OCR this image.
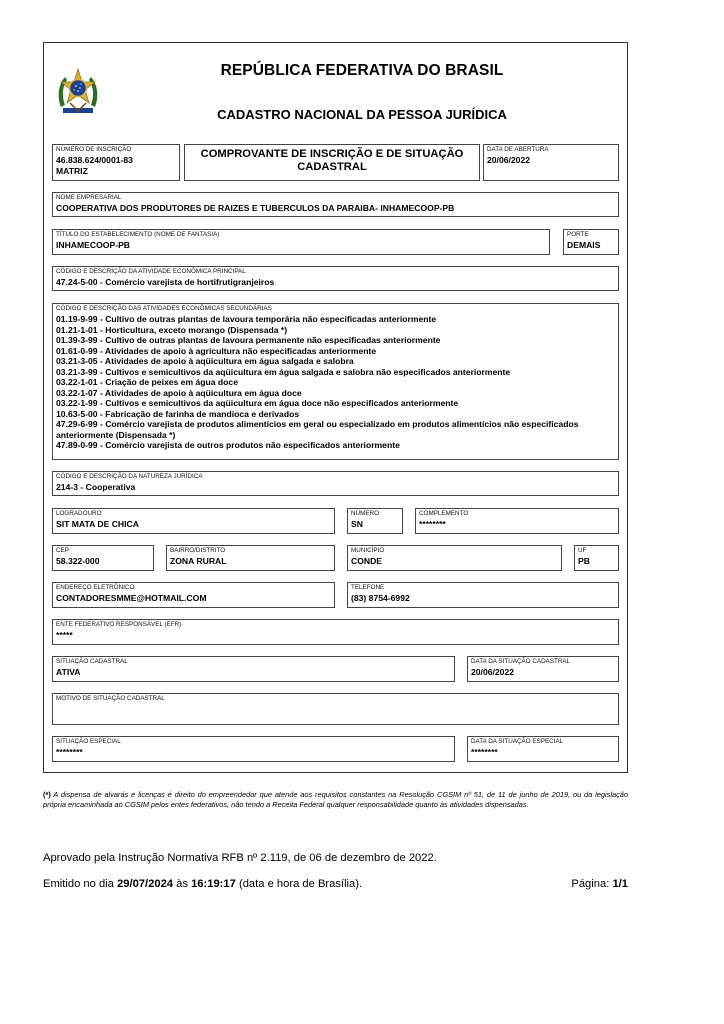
REPÚBLICA FEDERATIVA DO BRASIL
CADASTRO NACIONAL DA PESSOA JURÍDICA
NÚMERO DE INSCRIÇÃO
46.838.624/0001-83
MATRIZ
COMPROVANTE DE INSCRIÇÃO E DE SITUAÇÃO
CADASTRAL
DATA DE ABERTURA
20/06/2022
NOME EMPRESARIAL
COOPERATIVA DOS PRODUTORES DE RAIZES E TUBERCULOS DA PARAIBA- INHAMECOOP-PB
TÍTULO DO ESTABELECIMENTO (NOME DE FANTASIA)
INHAMECOOP-PB
PORTE
DEMAIS
CÓDIGO E DESCRIÇÃO DA ATIVIDADE ECONÔMICA PRINCIPAL
47.24-5-00 - Comércio varejista de hortifrutigranjeiros
CÓDIGO E DESCRIÇÃO DAS ATIVIDADES ECONÔMICAS SECUNDÁRIAS
01.19-9-99 - Cultivo de outras plantas de lavoura temporária não especificadas anteriormente
01.21-1-01 - Horticultura, exceto morango (Dispensada *)
01.39-3-99 - Cultivo de outras plantas de lavoura permanente não especificadas anteriormente
01.61-0-99 - Atividades de apoio à agricultura não especificadas anteriormente
03.21-3-05 - Atividades de apoio à aqüicultura em água salgada e salobra
03.21-3-99 - Cultivos e semicultivos da aqüicultura em água salgada e salobra não especificados anteriormente
03.22-1-01 - Criação de peixes em água doce
03.22-1-07 - Atividades de apoio à aqüicultura em água doce
03.22-1-99 - Cultivos e semicultivos da aqüicultura em água doce não especificados anteriormente
10.63-5-00 - Fabricação de farinha de mandioca e derivados
47.29-6-99 - Comércio varejista de produtos alimentícios em geral ou especializado em produtos alimentícios não especificados anteriormente (Dispensada *)
47.89-0-99 - Comércio varejista de outros produtos não especificados anteriormente
CÓDIGO E DESCRIÇÃO DA NATUREZA JURÍDICA
214-3 - Cooperativa
LOGRADOURO
SIT MATA DE CHICA
NÚMERO
SN
COMPLEMENTO
********
CEP
58.322-000
BAIRRO/DISTRITO
ZONA RURAL
MUNICÍPIO
CONDE
UF
PB
ENDEREÇO ELETRÔNICO
CONTADORESMME@HOTMAIL.COM
TELEFONE
(83) 8754-6992
ENTE FEDERATIVO RESPONSÁVEL (EFR)
*****
SITUAÇÃO CADASTRAL
ATIVA
DATA DA SITUAÇÃO CADASTRAL
20/06/2022
MOTIVO DE SITUAÇÃO CADASTRAL
SITUAÇÃO ESPECIAL
********
DATA DA SITUAÇÃO ESPECIAL
********
(*) A dispensa de alvarás e licenças é direito do empreendedor que atende aos requisitos constantes na Resolução CGSIM nº 51, de 11 de junho de 2019, ou da legislação própria encaminhada ao CGSIM pelos entes federativos, não tendo a Receita Federal qualquer responsabilidade quanto às atividades dispensadas.
Aprovado pela Instrução Normativa RFB nº 2.119, de 06 de dezembro de 2022.
Emitido no dia 29/07/2024 às 16:19:17 (data e hora de Brasília).	Página: 1/1
